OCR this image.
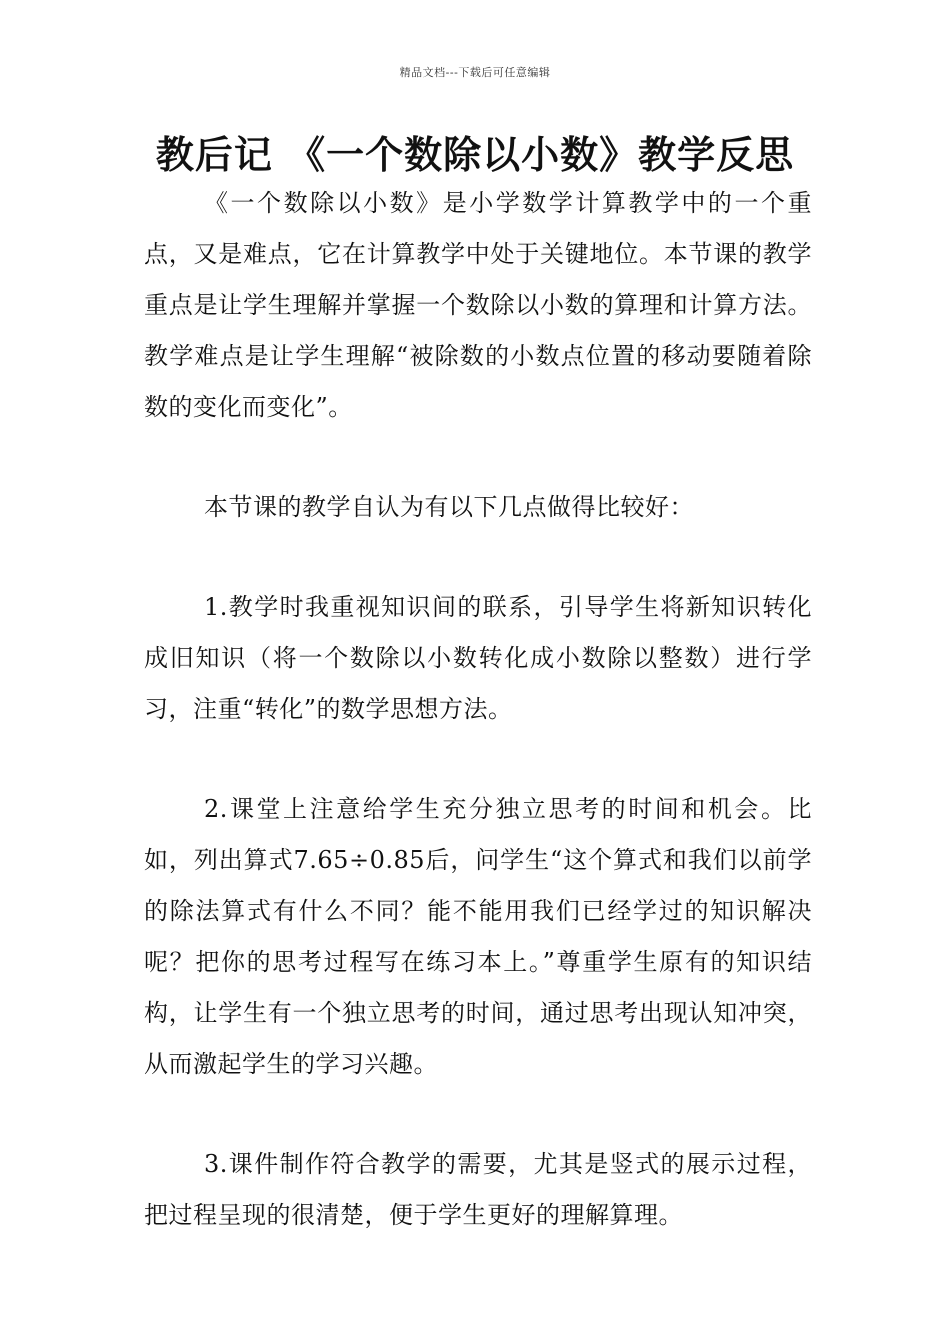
精品文档---下载后可任意编辑
教后记 《一个数除以小数》教学反思

《一个数除以小数》是小学数学计算教学中的一个重点，又是难点，它在计算教学中处于关键地位。本节课的教学重点是让学生理解并掌握一个数除以小数的算理和计算方法。教学难点是让学生理解“被除数的小数点位置的移动要随着除数的变化而变化”。

本节课的教学自认为有以下几点做得比较好：

1.教学时我重视知识间的联系，引导学生将新知识转化成旧知识（将一个数除以小数转化成小数除以整数）进行学习，注重“转化”的数学思想方法。

2.课堂上注意给学生充分独立思考的时间和机会。比如，列出算式7.65÷0.85后，问学生“这个算式和我们以前学的除法算式有什么不同？能不能用我们已经学过的知识解决呢？把你的思考过程写在练习本上。”尊重学生原有的知识结构，让学生有一个独立思考的时间，通过思考出现认知冲突，从而激起学生的学习兴趣。

3.课件制作符合教学的需要，尤其是竖式的展示过程，把过程呈现的很清楚，便于学生更好的理解算理。
